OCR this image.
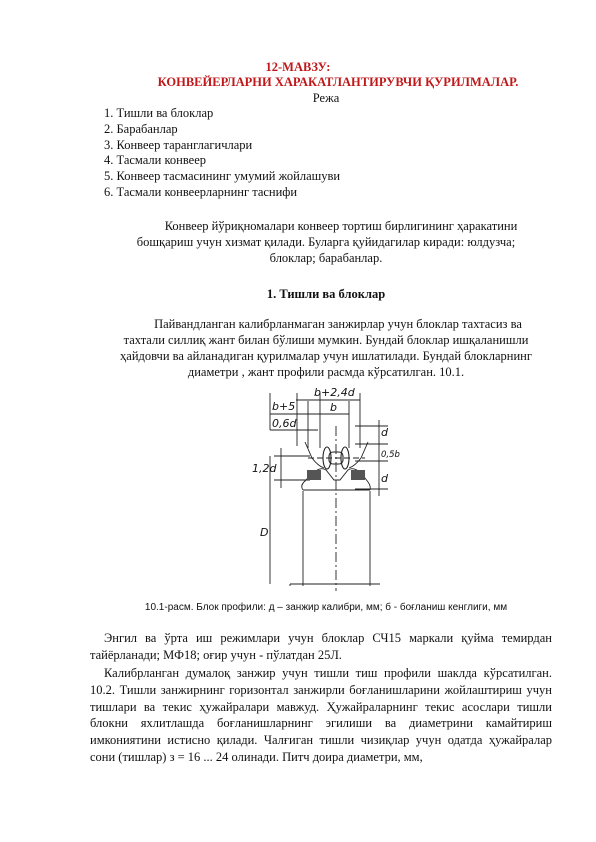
12-МАВЗУ:
КОНВЕЙЕРЛАРНИ ХАРАКАТЛАНТИРУВЧИ ҚУРИЛМАЛАР.
Режа
1. Тишли ва блоклар
2. Барабанлар
3. Конвеер таранглагичлари
4. Тасмали конвеер
5. Конвеер тасмасининг умумий жойлашуви
6. Тасмали конвеерларнинг таснифи
Конвеер йўриқномалари конвеер тортиш бирлигининг ҳаракатини
бошқариш учун хизмат қилади. Буларга қуйидагилар киради: юлдузча;
блоклар; барабанлар.
1. Тишли ва блоклар
Пайвандланган калибрланмаган занжирлар учун блоклар тахтасиз ва
тахтали силлиқ жант билан бўлиши мумкин. Бундай блоклар ишқаланишли
ҳайдовчи ва айланадиган қурилмалар учун ишлатилади. Бундай блокларнинг
диаметри , жант профили расмда кўрсатилган. 10.1.
b+2,4d
b+5	b
0,6d
d
0,5b
d
1,2d
D
10.1-расм. Блок профили: д – занжир калибри, мм; б - боғланиш кенглиги, мм
Энгил ва ўрта иш режимлари учун блоклар СЧ15 маркали қуйма темирдан тайёрланади; МФ18; оғир учун - пўлатдан 25Л.
Калибрланган думалоқ занжир учун тишли тиш профили шаклда кўрсатилган. 10.2. Тишли занжирнинг горизонтал занжирли боғланишларини жойлаштириш учун тишлари ва текис ҳужайралари мавжуд. Ҳужайраларнинг текис асослари тишли блокни яхлитлашда боғланишларнинг эгилиши ва диаметрини камайтириш имкониятини истисно қилади. Чалғиган тишли чизиқлар учун одатда ҳужайралар сони (тишлар) з = 16 ... 24 олинади. Питч доира диаметри, мм,
